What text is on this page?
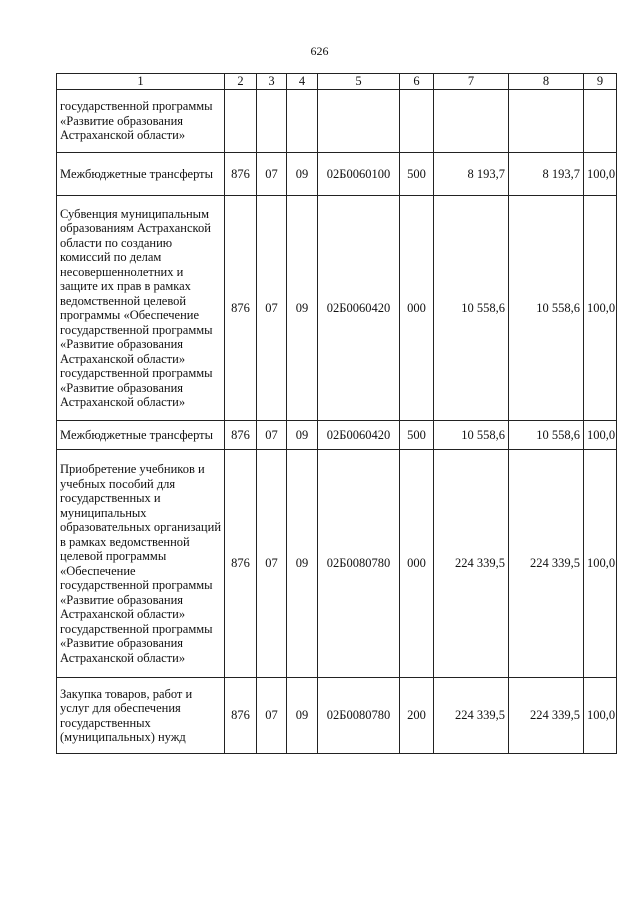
626
1	2	3	4	5	6	7	8	9
государственной программы «Развитие образования Астраханской области»								
Межбюджетные трансферты	876	07	09	02Б0060100	500	8 193,7	8 193,7	100,0
Субвенция муниципальным образованиям Астраханской области по созданию комиссий по делам несовершеннолетних и защите их прав в рамках ведомственной целевой программы «Обеспечение государственной программы «Развитие образования Астраханской области» государственной программы «Развитие образования Астраханской области»	876	07	09	02Б0060420	000	10 558,6	10 558,6	100,0
Межбюджетные трансферты	876	07	09	02Б0060420	500	10 558,6	10 558,6	100,0
Приобретение учебников и учебных пособий для государственных и муниципальных образовательных организаций в рамках ведомственной целевой программы «Обеспечение государственной программы «Развитие образования Астраханской области» государственной программы «Развитие образования Астраханской области»	876	07	09	02Б0080780	000	224 339,5	224 339,5	100,0
Закупка товаров, работ и услуг для обеспечения государственных (муниципальных) нужд	876	07	09	02Б0080780	200	224 339,5	224 339,5	100,0
